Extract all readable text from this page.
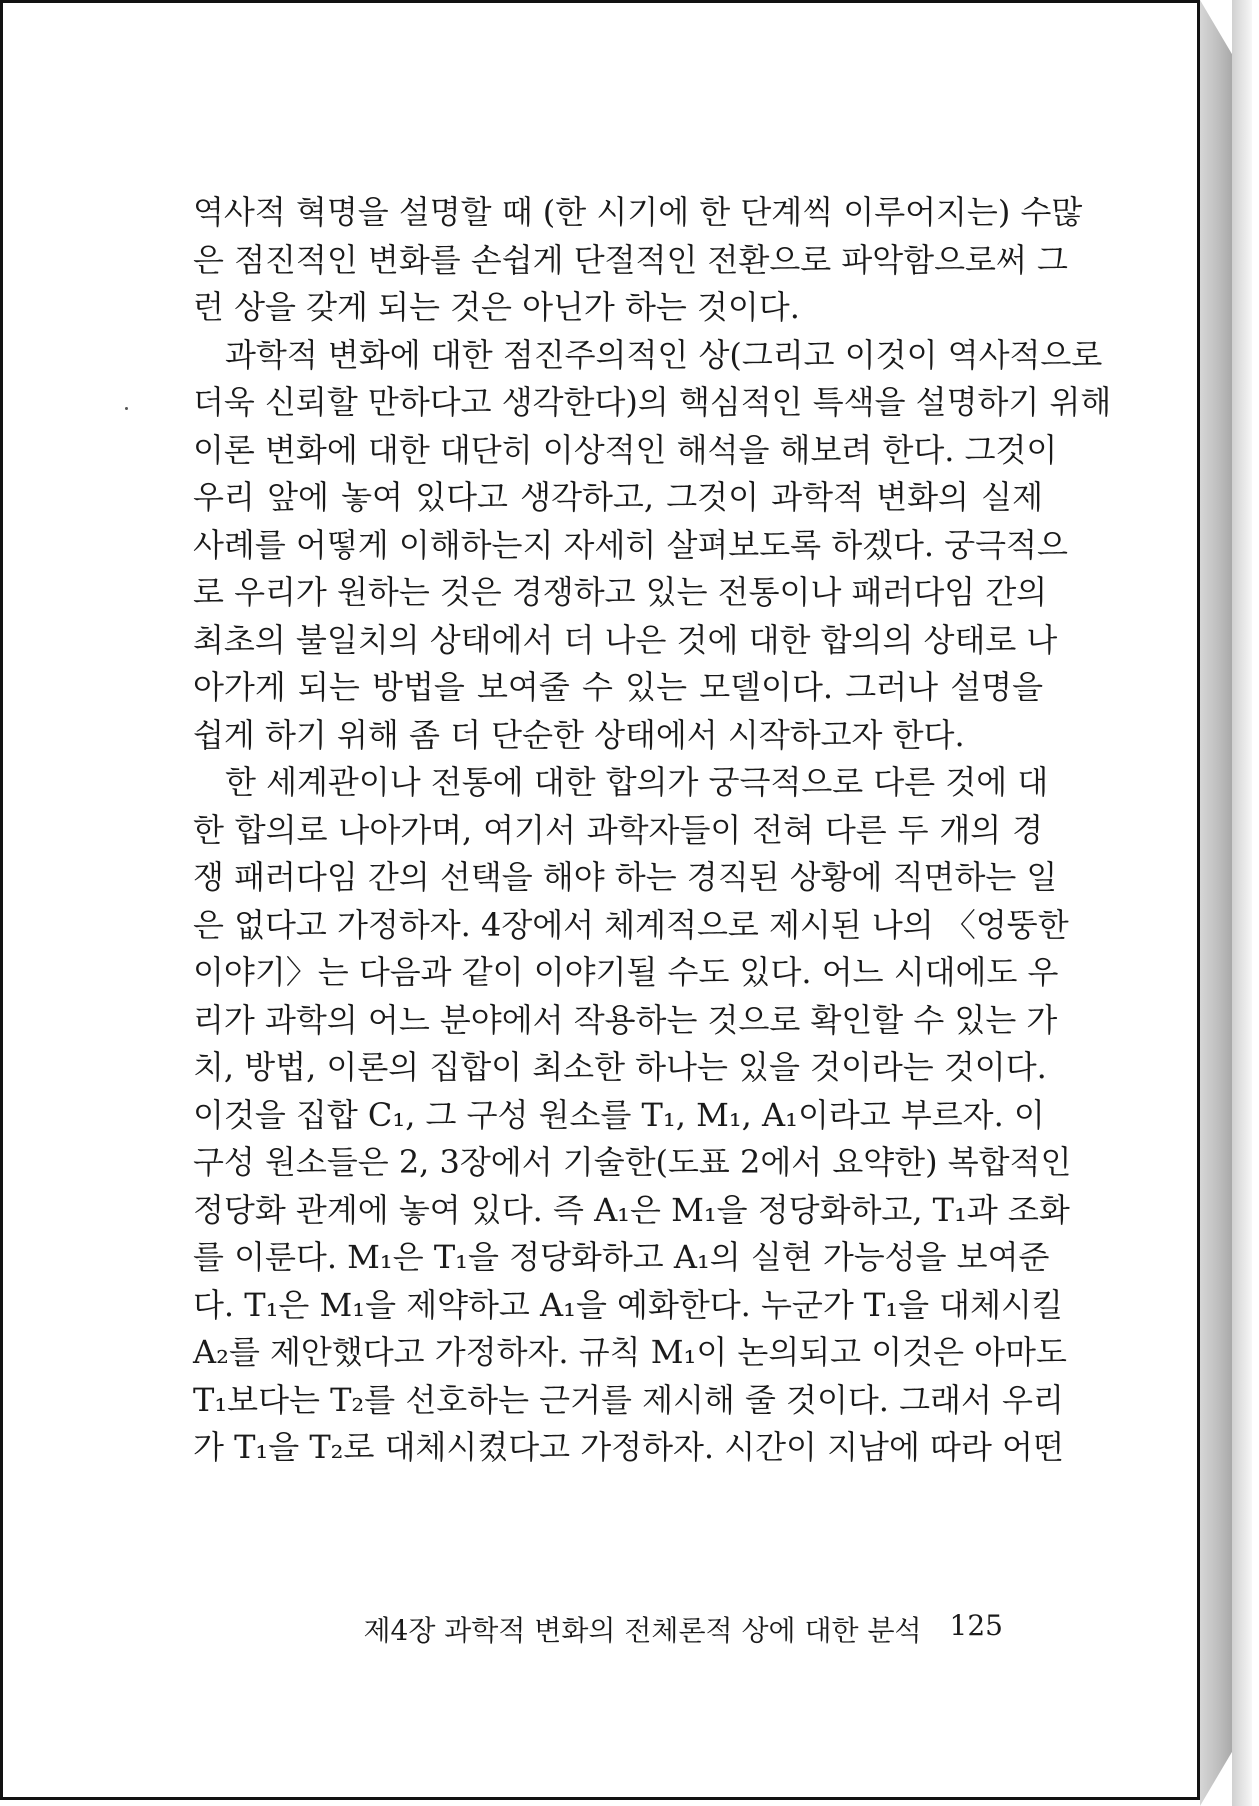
역사적 혁명을 설명할 때 (한 시기에 한 단계씩 이루어지는) 수많
은 점진적인 변화를 손쉽게 단절적인 전환으로 파악함으로써 그
런 상을 갖게 되는 것은 아닌가 하는 것이다.
과학적 변화에 대한 점진주의적인 상(그리고 이것이 역사적으로
더욱 신뢰할 만하다고 생각한다)의 핵심적인 특색을 설명하기 위해
이론 변화에 대한 대단히 이상적인 해석을 해보려 한다. 그것이
우리 앞에 놓여 있다고 생각하고, 그것이 과학적 변화의 실제
사례를 어떻게 이해하는지 자세히 살펴보도록 하겠다. 궁극적으
로 우리가 원하는 것은 경쟁하고 있는 전통이나 패러다임 간의
최초의 불일치의 상태에서 더 나은 것에 대한 합의의 상태로 나
아가게 되는 방법을 보여줄 수 있는 모델이다. 그러나 설명을
쉽게 하기 위해 좀 더 단순한 상태에서 시작하고자 한다.
한 세계관이나 전통에 대한 합의가 궁극적으로 다른 것에 대
한 합의로 나아가며, 여기서 과학자들이 전혀 다른 두 개의 경
쟁 패러다임 간의 선택을 해야 하는 경직된 상황에 직면하는 일
은 없다고 가정하자. 4장에서 체계적으로 제시된 나의 〈엉뚱한
이야기〉는 다음과 같이 이야기될 수도 있다. 어느 시대에도 우
리가 과학의 어느 분야에서 작용하는 것으로 확인할 수 있는 가
치, 방법, 이론의 집합이 최소한 하나는 있을 것이라는 것이다.
이것을 집합 C₁, 그 구성 원소를 T₁, M₁, A₁이라고 부르자. 이
구성 원소들은 2, 3장에서 기술한(도표 2에서 요약한) 복합적인
정당화 관계에 놓여 있다. 즉 A₁은 M₁을 정당화하고, T₁과 조화
를 이룬다. M₁은 T₁을 정당화하고 A₁의 실현 가능성을 보여준
다. T₁은 M₁을 제약하고 A₁을 예화한다. 누군가 T₁을 대체시킬
A₂를 제안했다고 가정하자. 규칙 M₁이 논의되고 이것은 아마도
T₁보다는 T₂를 선호하는 근거를 제시해 줄 것이다. 그래서 우리
가 T₁을 T₂로 대체시켰다고 가정하자. 시간이 지남에 따라 어떤
제4장 과학적 변화의 전체론적 상에 대한 분석 125
